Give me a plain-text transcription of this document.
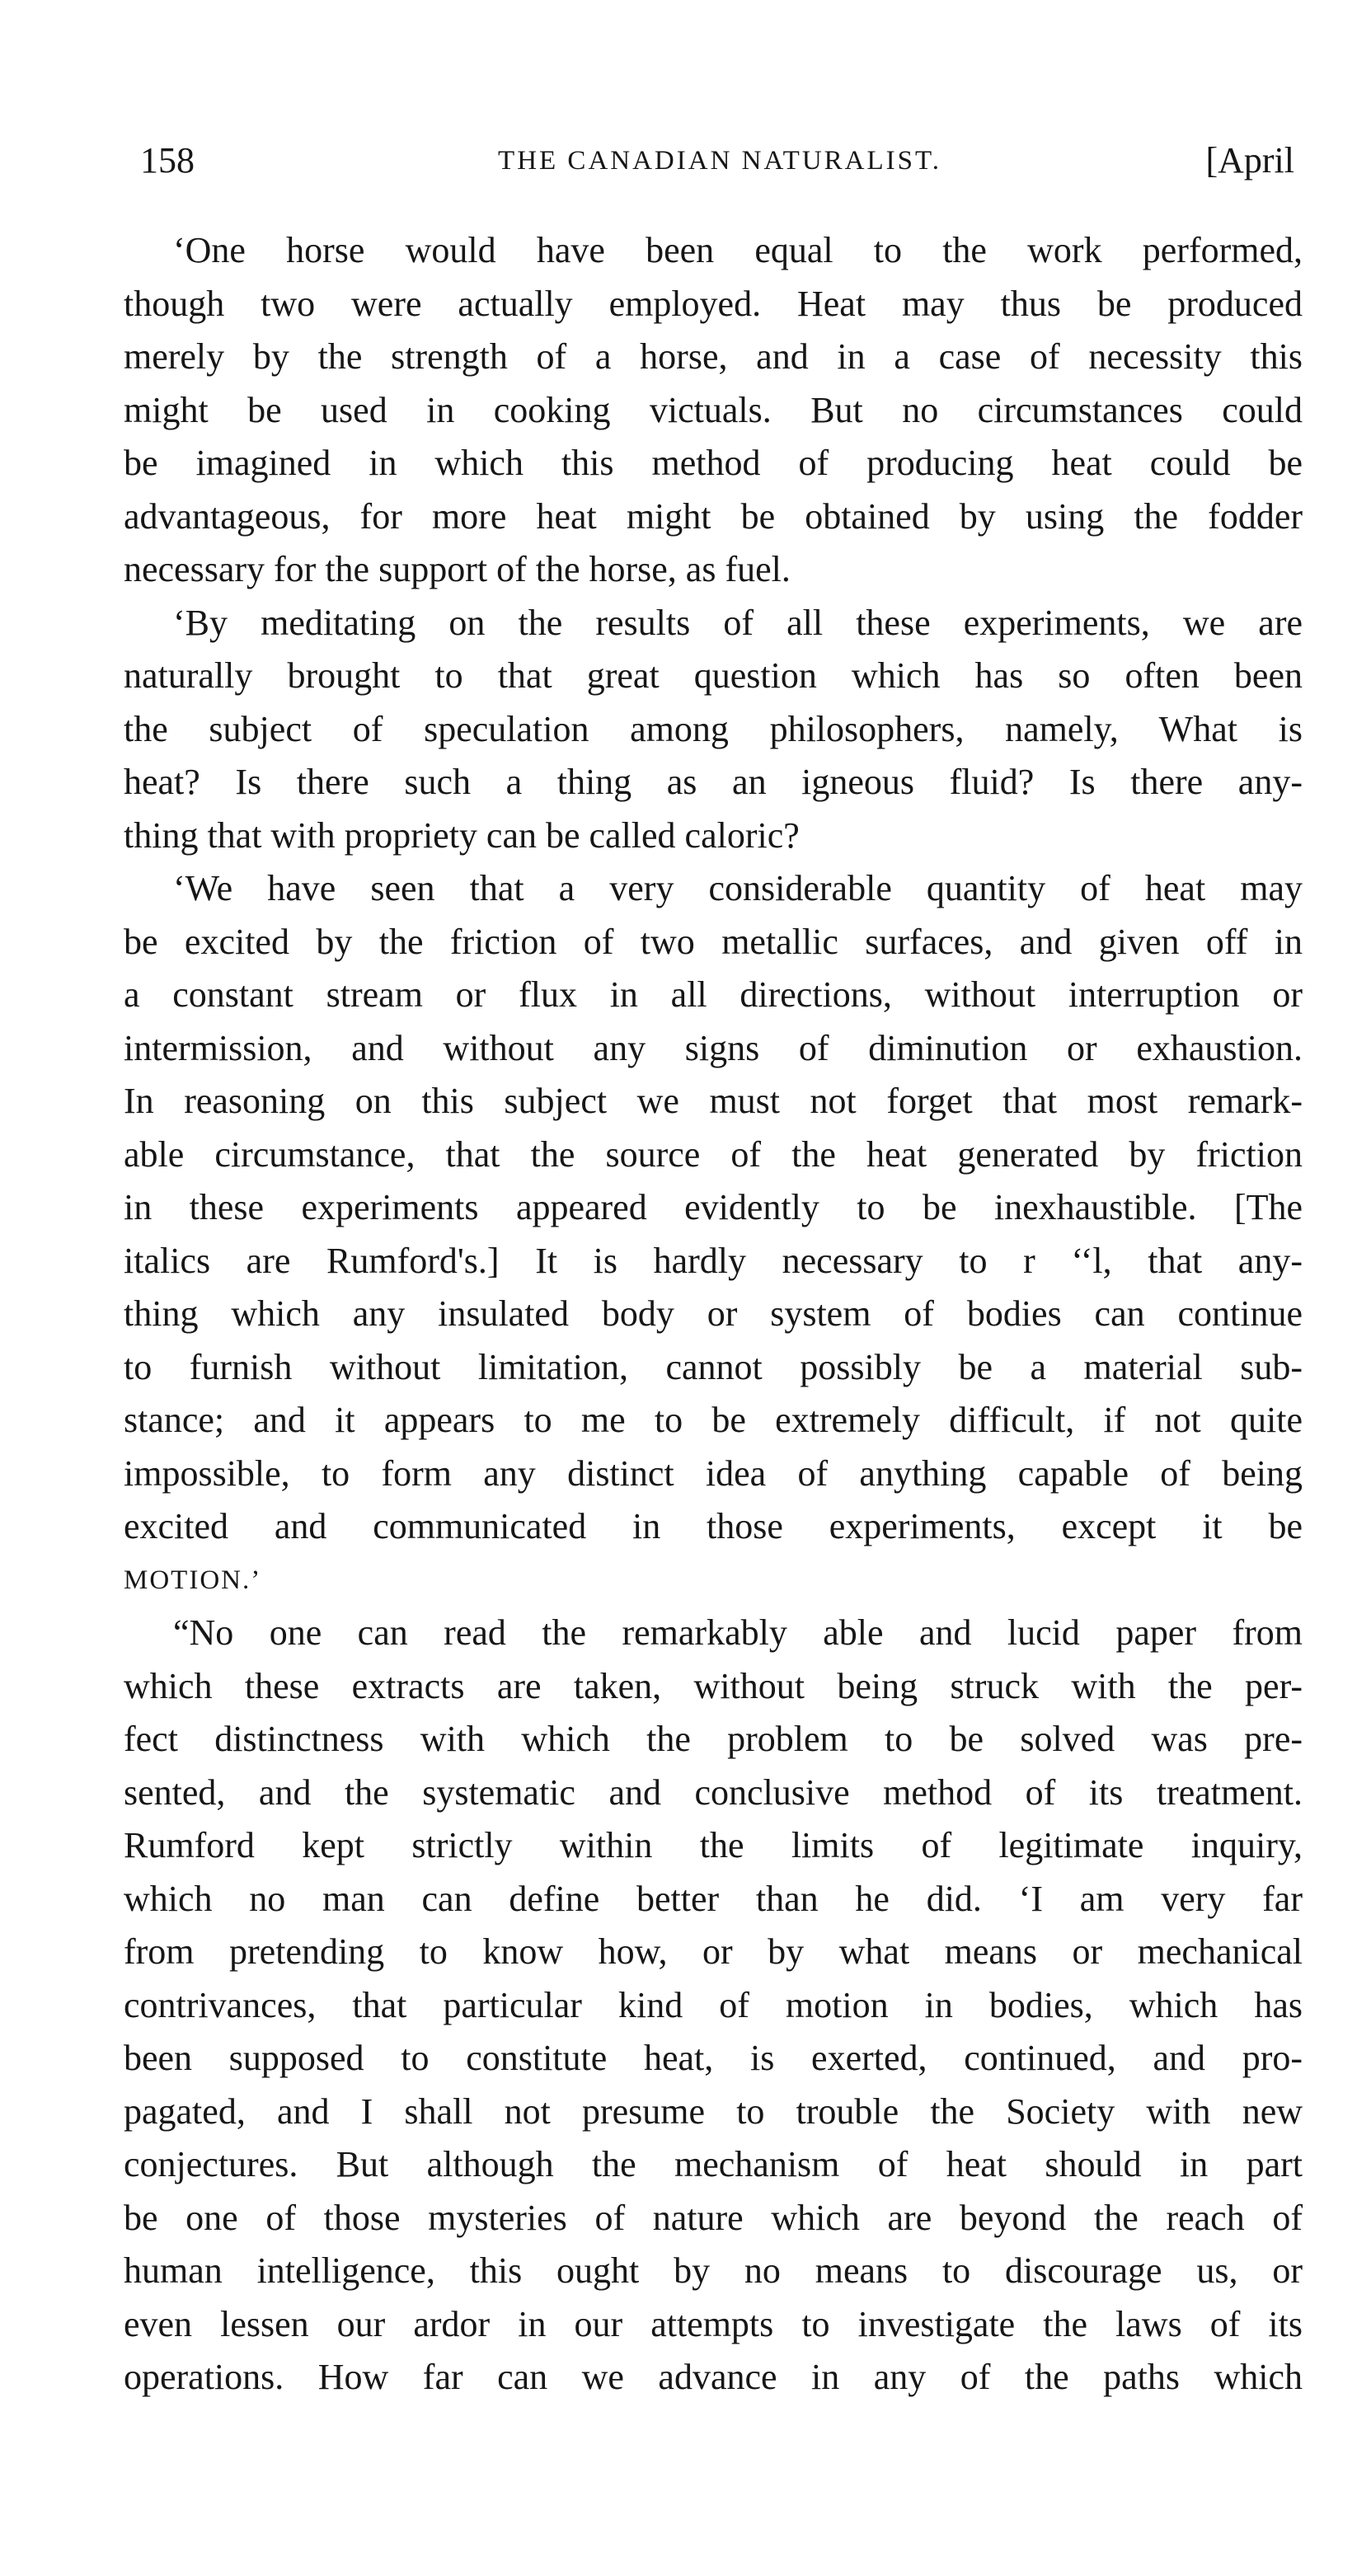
158	THE CANADIAN NATURALIST.	[April
‘One horse would have been equal to the work performed,
though two were actually employed. Heat may thus be produced
merely by the strength of a horse, and in a case of necessity this
might be used in cooking victuals. But no circumstances could
be imagined in which this method of producing heat could be
advantageous, for more heat might be obtained by using the fodder
necessary for the support of the horse, as fuel.
‘By meditating on the results of all these experiments, we are
naturally brought to that great question which has so often been
the subject of speculation among philosophers, namely, What is
heat? Is there such a thing as an igneous fluid? Is there any-
thing that with propriety can be called caloric?
‘We have seen that a very considerable quantity of heat may
be excited by the friction of two metallic surfaces, and given off in
a constant stream or flux in all directions, without interruption or
intermission, and without any signs of diminution or exhaustion.
In reasoning on this subject we must not forget that most remark-
able circumstance, that the source of the heat generated by friction
in these experiments appeared evidently to be inexhaustible. [The
italics are Rumford's.] It is hardly necessary to r ‘‘l, that any-
thing which any insulated body or system of bodies can continue
to furnish without limitation, cannot possibly be a material sub-
stance; and it appears to me to be extremely difficult, if not quite
impossible, to form any distinct idea of anything capable of being
excited and communicated in those experiments, except it be
MOTION.’
“No one can read the remarkably able and lucid paper from
which these extracts are taken, without being struck with the per-
fect distinctness with which the problem to be solved was pre-
sented, and the systematic and conclusive method of its treatment.
Rumford kept strictly within the limits of legitimate inquiry,
which no man can define better than he did. ‘I am very far
from pretending to know how, or by what means or mechanical
contrivances, that particular kind of motion in bodies, which has
been supposed to constitute heat, is exerted, continued, and pro-
pagated, and I shall not presume to trouble the Society with new
conjectures. But although the mechanism of heat should in part
be one of those mysteries of nature which are beyond the reach of
human intelligence, this ought by no means to discourage us, or
even lessen our ardor in our attempts to investigate the laws of its
operations. How far can we advance in any of the paths which
